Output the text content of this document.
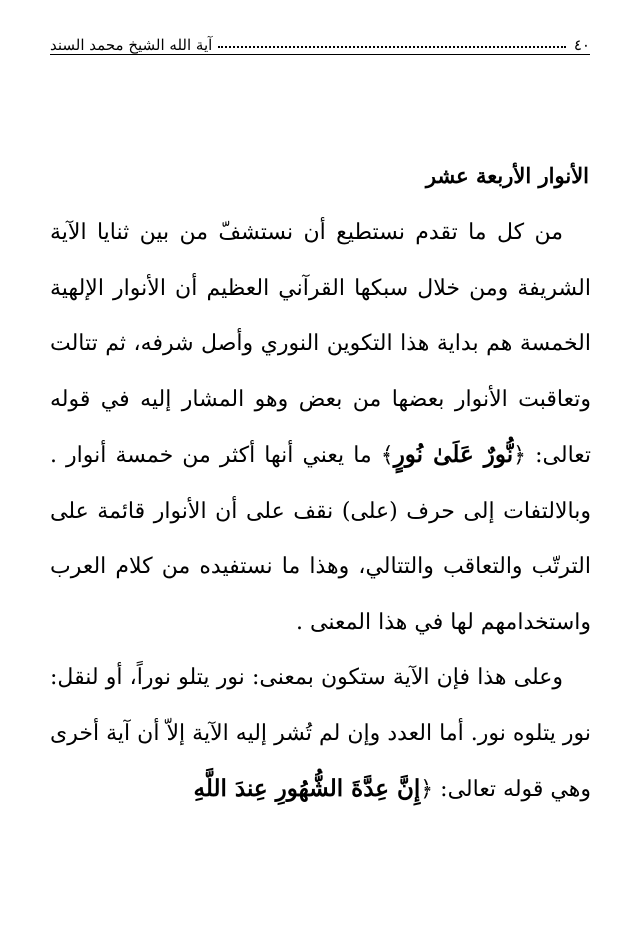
٤٠
آية الله الشيخ محمد السند
الأنوار الأربعة عشر

من كل ما تقدم نستطيع أن نستشفّ من بين ثنايا الآية الشريفة ومن خلال سبكها القرآني العظيم أن الأنوار الإلهية الخمسة هم بداية هذا التكوين النوري وأصل شرفه، ثم تتالت وتعاقبت الأنوار بعضها من بعض وهو المشار إليه في قوله تعالى: ﴿نُّورٌ عَلَىٰ نُورٍ﴾ ما يعني أنها أكثر من خمسة أنوار . وبالالتفات إلى حرف (على) نقف على أن الأنوار قائمة على الترتّب والتعاقب والتتالي، وهذا ما نستفيده من كلام العرب واستخدامهم لها في هذا المعنى .

وعلى هذا فإن الآية ستكون بمعنى: نور يتلو نوراً، أو لنقل: نور يتلوه نور. أما العدد وإن لم تُشر إليه الآية إلاّ أن آية أخرى وهي قوله تعالى: ﴿إِنَّ عِدَّةَ الشُّهُورِ عِندَ اللَّهِ
